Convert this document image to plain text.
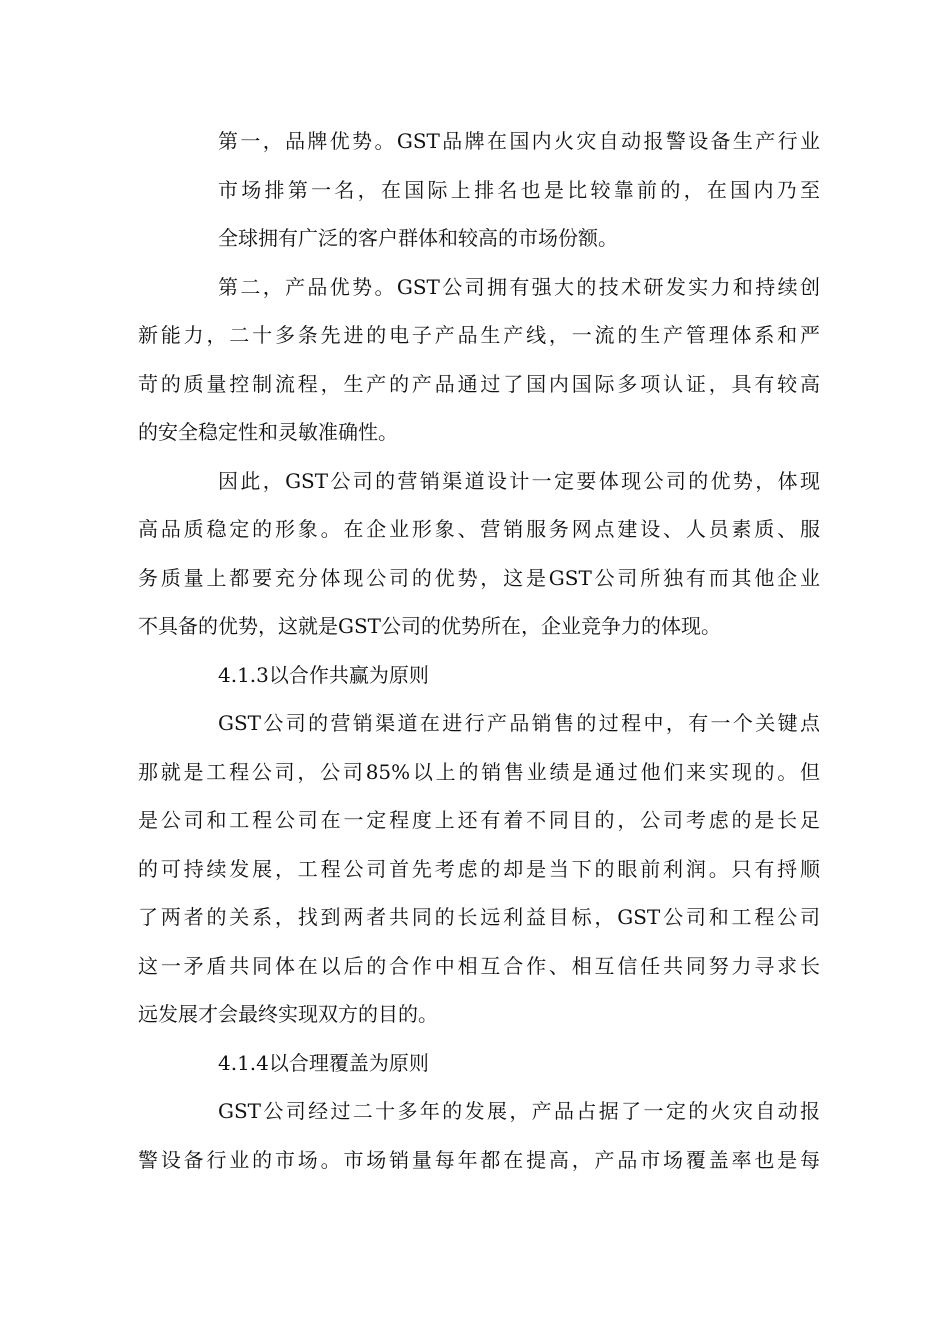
第一，品牌优势。GST品牌在国内火灾自动报警设备生产行业
市场排第一名，在国际上排名也是比较靠前的，在国内乃至
全球拥有广泛的客户群体和较高的市场份额。
第二，产品优势。GST公司拥有强大的技术研发实力和持续创
新能力，二十多条先进的电子产品生产线，一流的生产管理体系和严
苛的质量控制流程，生产的产品通过了国内国际多项认证，具有较高
的安全稳定性和灵敏准确性。
因此，GST公司的营销渠道设计一定要体现公司的优势，体现
高品质稳定的形象。在企业形象、营销服务网点建设、人员素质、服
务质量上都要充分体现公司的优势，这是GST公司所独有而其他企业
不具备的优势，这就是GST公司的优势所在，企业竞争力的体现。
4.1.3以合作共赢为原则
GST公司的营销渠道在进行产品销售的过程中，有一个关键点
那就是工程公司，公司85%以上的销售业绩是通过他们来实现的。但
是公司和工程公司在一定程度上还有着不同目的，公司考虑的是长足
的可持续发展，工程公司首先考虑的却是当下的眼前利润。只有捋顺
了两者的关系，找到两者共同的长远利益目标，GST公司和工程公司
这一矛盾共同体在以后的合作中相互合作、相互信任共同努力寻求长
远发展才会最终实现双方的目的。
4.1.4以合理覆盖为原则
GST公司经过二十多年的发展，产品占据了一定的火灾自动报
警设备行业的市场。市场销量每年都在提高，产品市场覆盖率也是每
